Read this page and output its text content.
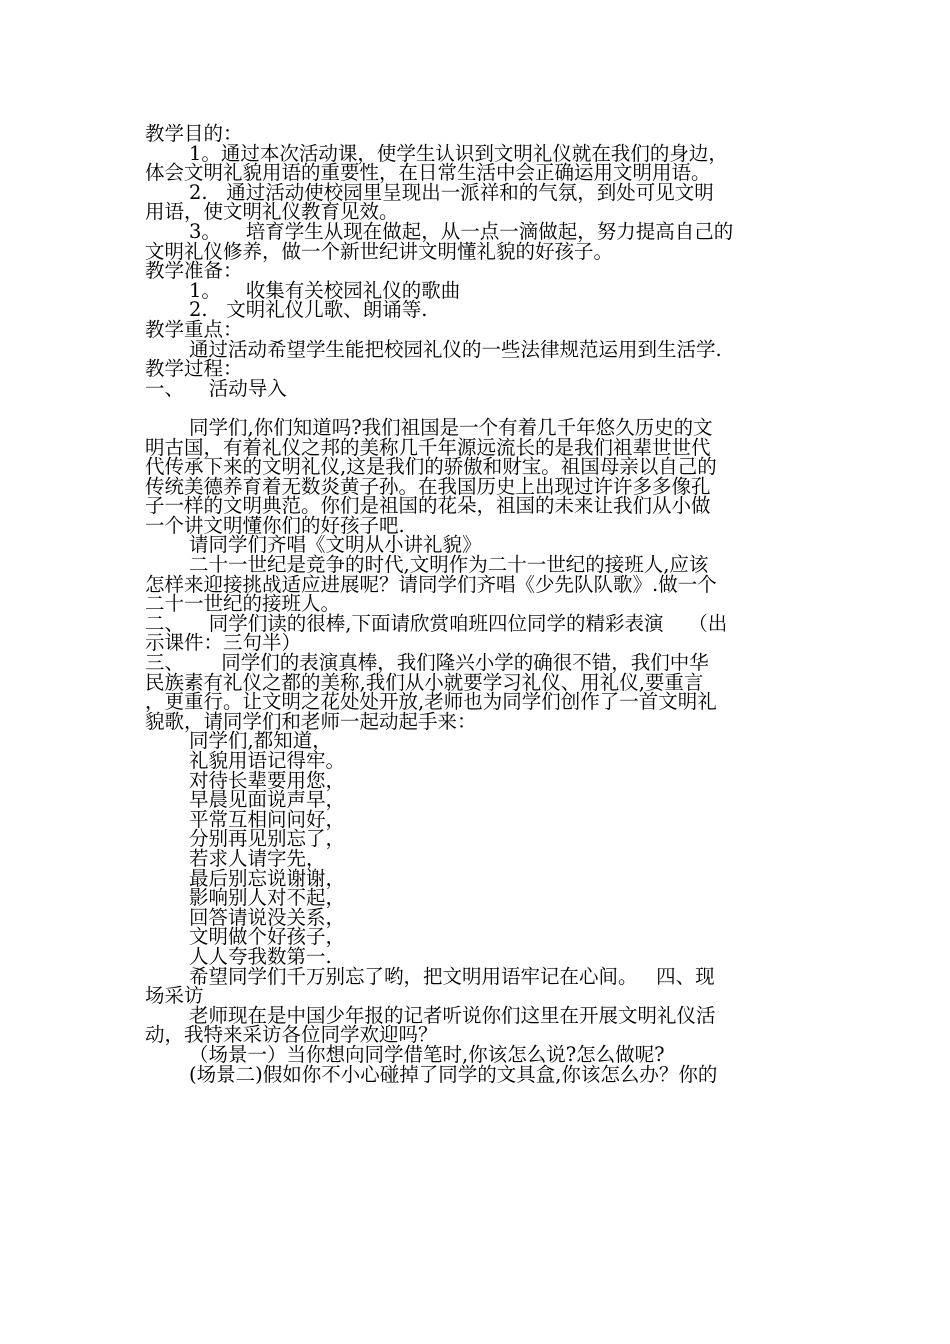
教学目的：
1。通过本次活动课，使学生认识到文明礼仪就在我们的身边，
体会文明礼貌用语的重要性，在日常生活中会正确运用文明用语。
2.   通过活动使校园里呈现出一派祥和的气氛，到处可见文明
用语，使文明礼仪教育见效。
3。    培育学生从现在做起，从一点一滴做起，努力提高自己的
文明礼仪修养，做一个新世纪讲文明懂礼貌的好孩子。
教学准备：
1。    收集有关校园礼仪的歌曲
2.   文明礼仪儿歌、朗诵等.
教学重点：
通过活动希望学生能把校园礼仪的一些法律规范运用到生活学.
教学过程：
一、    活动导入
同学们,你们知道吗?我们祖国是一个有着几千年悠久历史的文
明古国，有着礼仪之邦的美称几千年源远流长的是我们祖辈世世代
代传承下来的文明礼仪,这是我们的骄傲和财宝。祖国母亲以自己的
传统美德养育着无数炎黄子孙。在我国历史上出现过许许多多像孔
子一样的文明典范。你们是祖国的花朵，祖国的未来让我们从小做
一个讲文明懂你们的好孩子吧.
请同学们齐唱《文明从小讲礼貌》
二十一世纪是竞争的时代,文明作为二十一世纪的接班人,应该
怎样来迎接挑战适应进展呢？请同学们齐唱《少先队队歌》.做一个
二十一世纪的接班人。
二、    同学们读的很棒,下面请欣赏咱班四位同学的精彩表演    （出
示课件：三句半）
三、      同学们的表演真棒，我们隆兴小学的确很不错，我们中华
民族素有礼仪之都的美称,我们从小就要学习礼仪、用礼仪,要重言
，更重行。让文明之花处处开放,老师也为同学们创作了一首文明礼
貌歌，请同学们和老师一起动起手来：
同学们,都知道，
礼貌用语记得牢。
对待长辈要用您，
早晨见面说声早，
平常互相问问好，
分别再见别忘了，
若求人请字先，
最后别忘说谢谢，
影响别人对不起，
回答请说没关系，
文明做个好孩子，
人人夸我数第一.
希望同学们千万别忘了哟，把文明用语牢记在心间。   四、现
场采访
老师现在是中国少年报的记者听说你们这里在开展文明礼仪活
动，我特来采访各位同学欢迎吗？
（场景一）当你想向同学借笔时,你该怎么说?怎么做呢?
(场景二)假如你不小心碰掉了同学的文具盒,你该怎么办？你的
